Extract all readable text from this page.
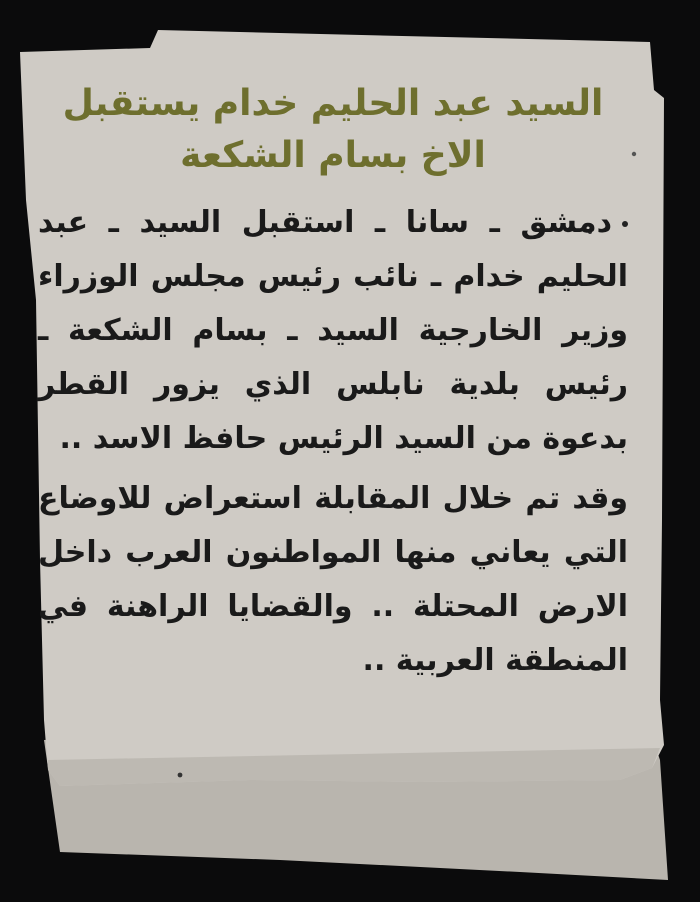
السيد عبد الحليم خدام يستقبل
الاخ بسام الشكعة

دمشق ـ سانا ـ استقبل السيد ـ عبد الحليم خدام ـ نائب رئيس مجلس الوزراء وزير الخارجية السيد ـ بسام الشكعة ـ رئيس بلدية نابلس الذي يزور القطر بدعوة من السيد الرئيس حافظ الاسد ..

وقد تم خلال المقابلة استعراض للاوضاع التي يعاني منها المواطنون العرب داخل الارض المحتلة .. والقضايا الراهنة في المنطقة العربية ..
